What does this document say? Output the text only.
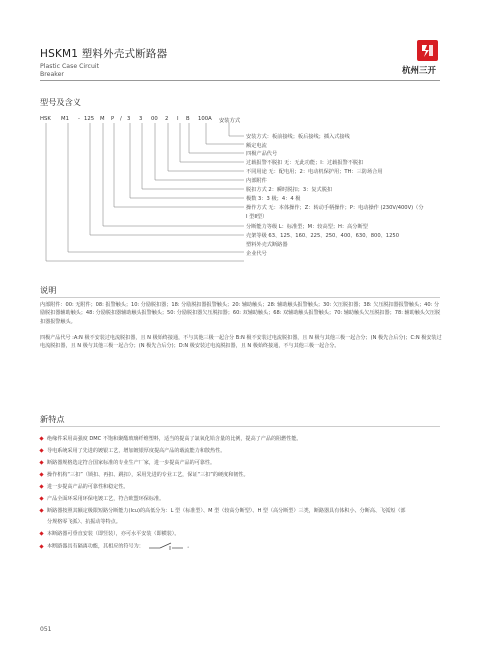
HSKM1 塑料外壳式断路器
Plastic Case Circuit
Breaker	杭州三开
型号及含义
HSK M1 - 125 M P / 3 3 00 2 I B 100A 安装方式
安装方式：板前接线；板后接线；插入式接线
额定电流
四极产品代号
过载报警不脱扣 无：无此功能；Ⅰ：过载报警不脱扣
不同用途 无：配电用；2：电动机保护用；TH：三防场合用
内部附件
脱扣方式 2：瞬时脱扣；3：复式脱扣
极数 3：3 极；4：4 极
操作方式 无：本体操作；Z：转动手柄操作；P：电动操作 (230V/400V)（分
Ⅰ 型Ⅱ型）
分断能力等级 L：标准型；M：较高型；H：高分断型
壳架等级 63、125、160、225、250、400、630、800、1250
塑料外壳式断路器
企业代号
说明
内部附件：00: 无附件；08: 报警触头；10: 分励脱扣器；18: 分励脱扣器报警触头；20: 辅助触头；28: 辅助触头报警触头；30: 欠压脱扣器；38: 欠压脱扣器报警触头；40: 分励脱扣器辅助触头；48: 分励脱扣器辅助触头报警触头；50: 分励脱扣器欠压脱扣器；60: 双辅助触头；68: 双辅助触头报警触头；70: 辅助触头欠压脱扣器；78: 辅助触头欠压脱扣器报警触头。
四极产品代号 :A:N 极不安装过电流脱扣器，且 N 极始终接通，不与其他三极一起合分 B:N 极不安装过电流脱扣器，且 N 极与其他三极一起合分；(N 极先合后分)；C:N 极安装过电流脱扣器，且 N 极与其他三极一起合分；(N 极先合后分)；D:N 极安装过电流脱扣器，且 N 极始终接通，不与其他三极一起合分。
新特点
绝缘件采用高强度 DMC 不饱和聚酯玻璃纤维塑料，适当的提高了氯氧化铅含量的比例，提高了产品的阻燃性能。
导电系统采用了先进的镀银工艺，增加镀银厚度提高产品的载流能力和散热性。
断路器规格选定符合国家标准的专业生产厂家，进一步提高产品的可靠性。
操作机构“三扣”（锁扣、再扣、跳扣），采用先进的专业工艺，保证“三扣”的硬度和韧性。
进一步提高产品的可靠性和稳定性。
产品全面环采用环保电镀工艺，符合欧盟环保标准。
断路器按照其额定极限短路分断能力(Icu)的高低分为：L 型（标准型）、M 型（较高分断型）、H 型（高分断型）三类，断路器具有体积小、分断高、飞弧短（部
分规格零飞弧）、抗振动等特点。
本断路器可垂直安装（即竖装），亦可水平安装（即横装）。
本断路器具有隔离功能，其相应的符号为：	。
051
